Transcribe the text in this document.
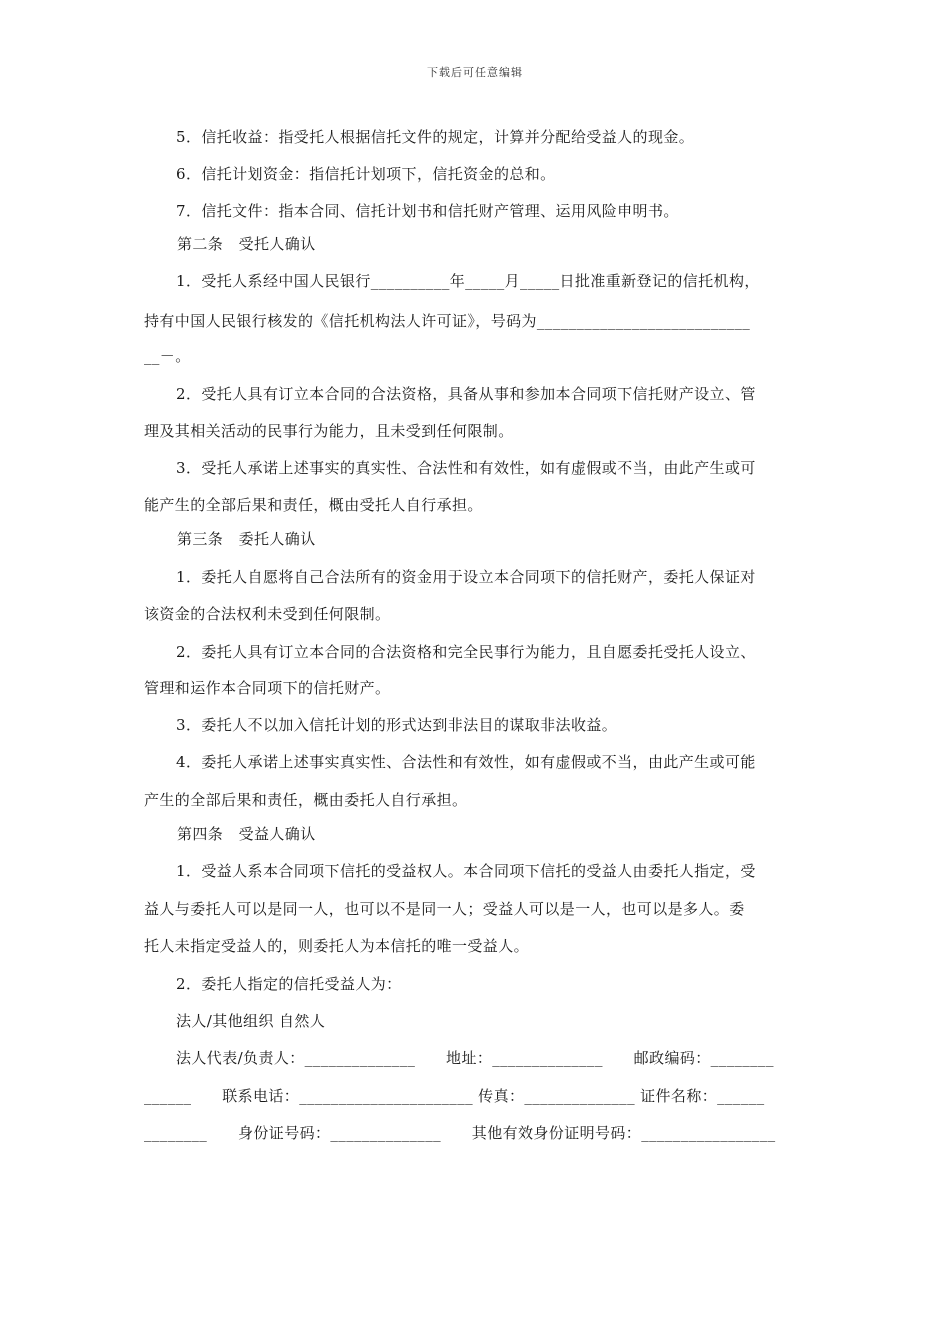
下载后可任意编辑
5．信托收益：指受托人根据信托文件的规定，计算并分配给受益人的现金。
6．信托计划资金：指信托计划项下，信托资金的总和。
7．信托文件：指本合同、信托计划书和信托财产管理、运用风险申明书。
第二条　受托人确认
1．受托人系经中国人民银行__________年_____月_____日批准重新登记的信托机构，
持有中国人民银行核发的《信托机构法人许可证》，号码为___________________________
__－。
2．受托人具有订立本合同的合法资格，具备从事和参加本合同项下信托财产设立、管
理及其相关活动的民事行为能力，且未受到任何限制。
3．受托人承诺上述事实的真实性、合法性和有效性，如有虚假或不当，由此产生或可
能产生的全部后果和责任，概由受托人自行承担。
第三条　委托人确认
1．委托人自愿将自己合法所有的资金用于设立本合同项下的信托财产，委托人保证对
该资金的合法权利未受到任何限制。
2．委托人具有订立本合同的合法资格和完全民事行为能力，且自愿委托受托人设立、
管理和运作本合同项下的信托财产。
3．委托人不以加入信托计划的形式达到非法目的谋取非法收益。
4．委托人承诺上述事实真实性、合法性和有效性，如有虚假或不当，由此产生或可能
产生的全部后果和责任，概由委托人自行承担。
第四条　受益人确认
1．受益人系本合同项下信托的受益权人。本合同项下信托的受益人由委托人指定，受
益人与委托人可以是同一人，也可以不是同一人；受益人可以是一人，也可以是多人。委
托人未指定受益人的，则委托人为本信托的唯一受益人。
2．委托人指定的信托受益人为：
法人/其他组织 自然人
法人代表/负责人：______________　　地址：______________　　邮政编码：________
______　　联系电话：______________________ 传真：______________ 证件名称：______
________　　身份证号码：______________　　其他有效身份证明号码：_________________
